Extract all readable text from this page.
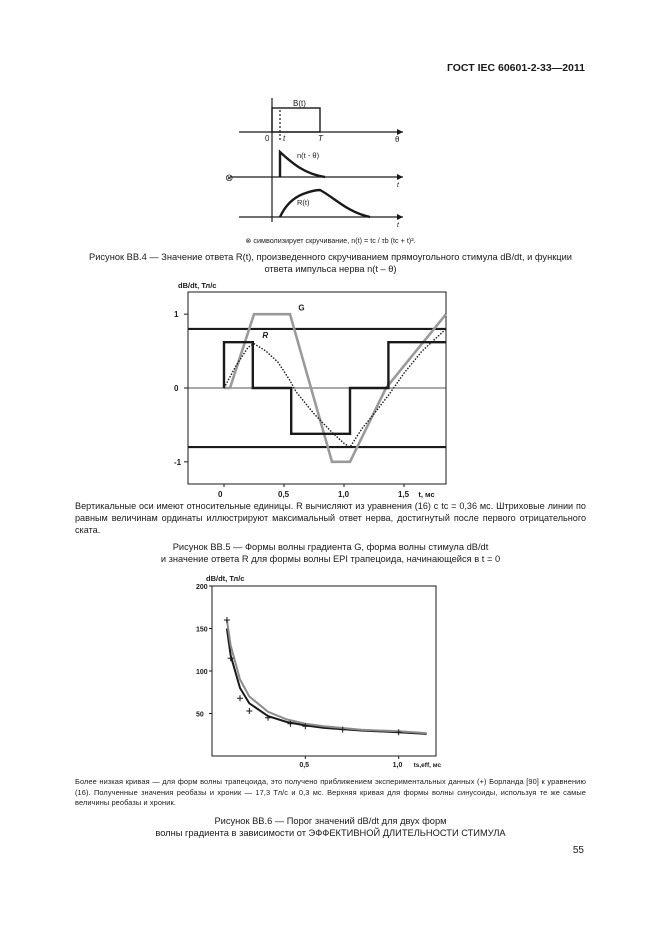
ГОСТ IEC 60601-2-33—2011
B(t)
0 t	T	θ
n(t - θ)
⊗
t
R(t)
t
⊗ символизирует скручивание, n(t) = tc / τb (tc + t)².
Рисунок ВВ.4 — Значение ответа R(t), произведенного скручиванием прямоугольного стимула dB/dt, и функции
ответа импульса нерва n(t – θ)
1
0
-1
0	0,5	1,0	1,5
dB/dt, Тл/с
t, мс
G
R
Вертикальные оси имеют относительные единицы. R вычисляют из уравнения (16) с tc = 0,36 мс. Штриховые линии по равным величинам ординаты иллюстрируют максимальный ответ нерва, достигнутый после первого отрицательного ската.
Рисунок ВВ.5 — Формы волны градиента G, форма волны стимула dB/dt
и значение ответа R для формы волны EPI трапецоида, начинающейся в t = 0
200
150
100
50
0,5	1,0
dB/dt, Тл/с
ts,eff, мс
Более низкая кривая — для форм волны трапецоида, это получено приближением экспериментальных данных (+) Борланда [90] к уравнению (16). Полученные значения реобазы и хроник — 17,3 Тл/с и 0,3 мс. Верхняя кривая для формы волны синусоиды, используя те же самые величины реобазы и хроник.
Рисунок ВВ.6 — Порог значений dB/dt для двух форм
волны градиента в зависимости от ЭФФЕКТИВНОЙ ДЛИТЕЛЬНОСТИ СТИМУЛА
55
